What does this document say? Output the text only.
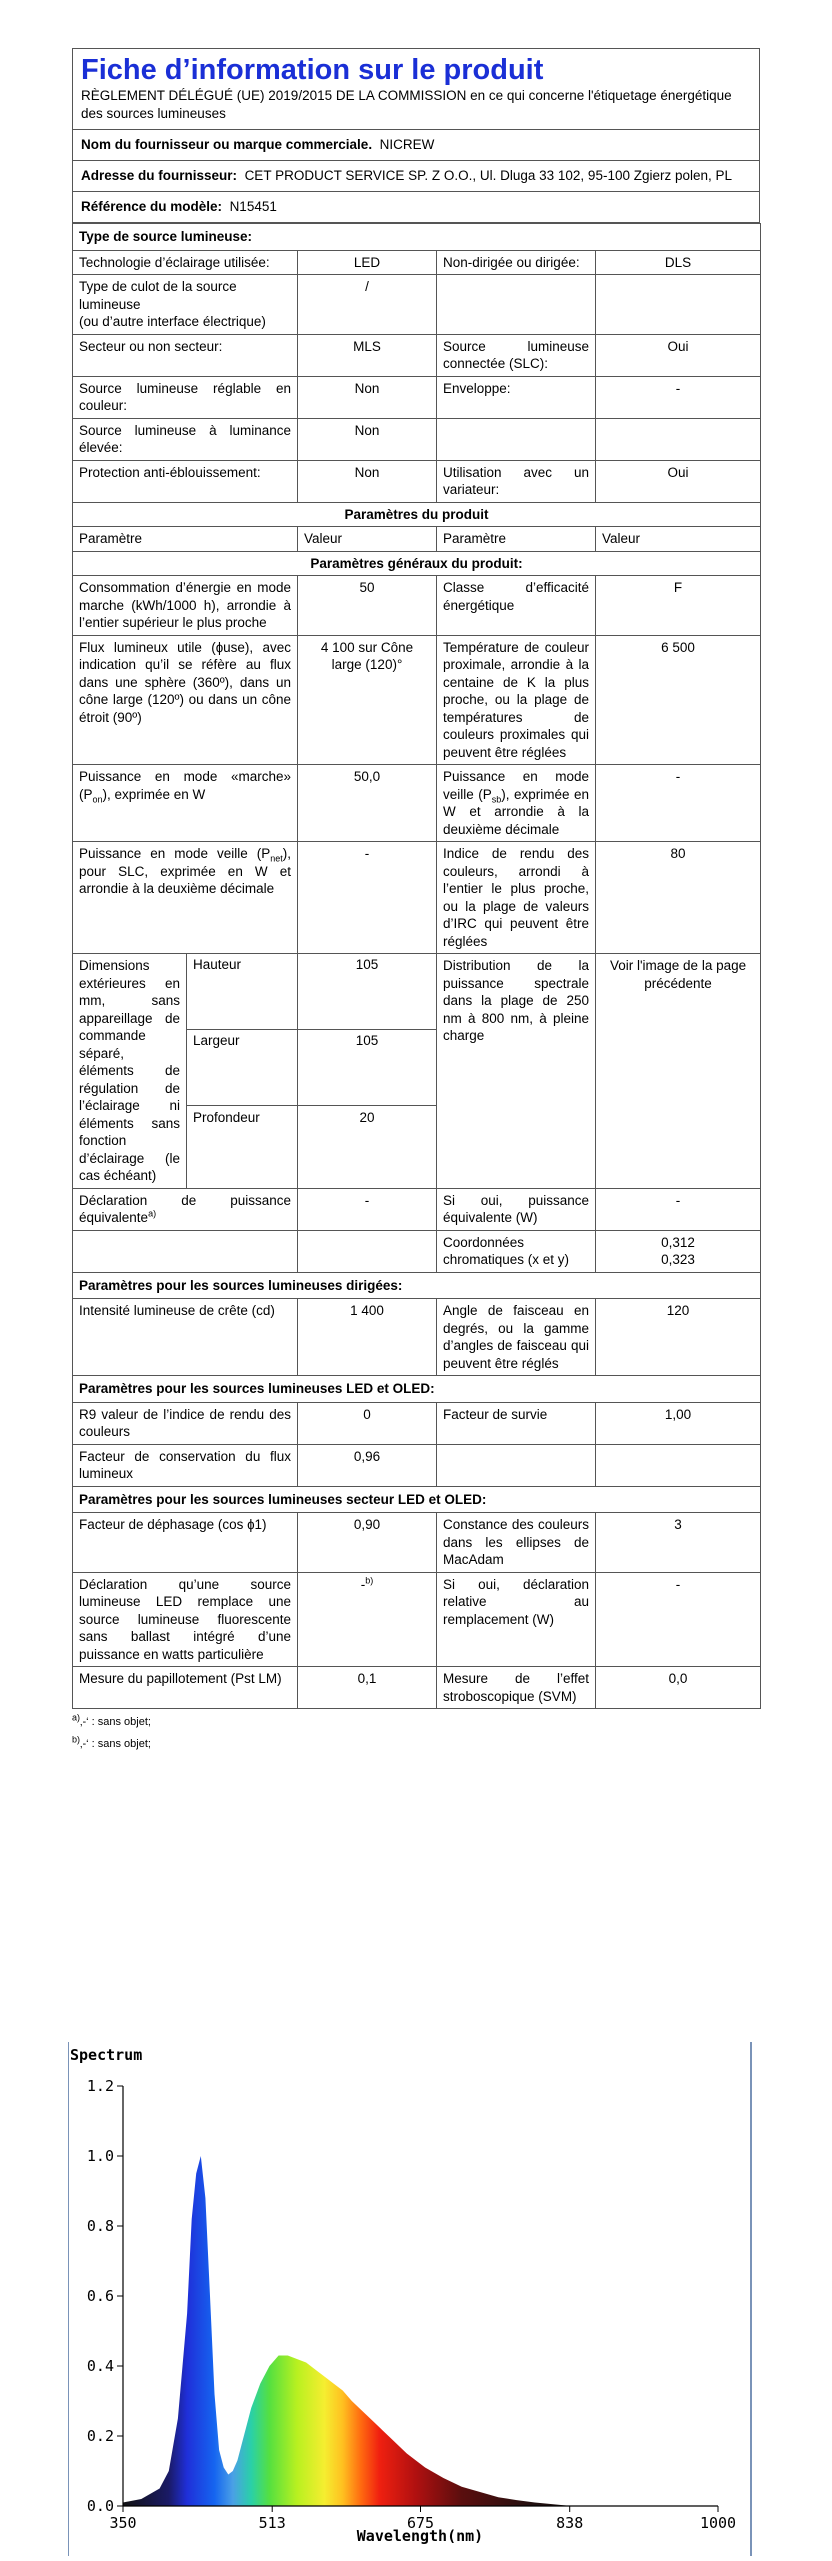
Fiche d’information sur le produit
RÈGLEMENT DÉLÉGUÉ (UE) 2019/2015 DE LA COMMISSION en ce qui concerne l'étiquetage énergétique des sources lumineuses
Nom du fournisseur ou marque commerciale. NICREW
Adresse du fournisseur: CET PRODUCT SERVICE SP. Z O.O., Ul. Dluga 33 102, 95-100 Zgierz polen, PL
Référence du modèle: N15451
Type de source lumineuse:				
Technologie d’éclairage utilisée:		LED	Non-dirigée ou dirigée:	DLS

Type de culot de la source lumineuse
(ou d’autre interface électrique)		/		
Secteur ou non secteur:		MLS	Source lumineuse connectée (SLC):	Oui
Source lumineuse réglable en couleur:		Non	Enveloppe:	-
Source lumineuse à luminance élevée:		Non		
Protection anti-éblouissement:		Non	Utilisation avec un variateur:	Oui
Paramètres du produit				
Paramètre		Valeur	Paramètre	Valeur
Paramètres généraux du produit:				
Consommation d’énergie en mode marche (kWh/1000 h), arrondie à l’entier supérieur le plus proche		50	Classe d’efficacité énergétique	F
Flux lumineux utile (ɸuse), avec indication qu’il se réfère au flux dans une sphère (360º), dans un cône large (120º) ou dans un cône étroit (90º)		4 100 sur Cône large (120)°	Température de couleur proximale, arrondie à la centaine de K la plus proche, ou la plage de températures de couleurs proximales qui peuvent être réglées	6 500
Puissance en mode «marche» $(P_{on})$, exprimée en W		50,0	Puissance en mode veille $(P_{sb})$, exprimée en W et arrondie à la deuxième décimale	-
Puissance en mode veille $(P_{net})$, pour SLC, exprimée en W et arrondie à la deuxième décimale		-	Indice de rendu des couleurs, arrondi à l’entier le plus proche, ou la plage de valeurs d’IRC qui peuvent être réglées	80
Dimensions extérieures en mm, sans appareillage de commande séparé, éléments de régulation de l’éclairage ni éléments sans fonction d’éclairage (le cas échéant)	Hauteur	105	Distribution de la puissance spectrale dans la plage de 250 nm à 800 nm, à pleine charge	Voir l'image de la page précédente
	Largeur	105		
	Profondeur	20		
Déclaration de puissance équivalente$^{a)}$		-	Si oui, puissance équivalente (W)	-
			Coordonnées chromatiques (x et y)	0,312
0,323

Paramètres pour les sources lumineuses dirigées:				
Intensité lumineuse de crête (cd)		1 400	Angle de faisceau en degrés, ou la gamme d’angles de faisceau qui peuvent être réglés	120
Paramètres pour les sources lumineuses LED et OLED:				
R9 valeur de l’indice de rendu des couleurs		0	Facteur de survie	1,00
Facteur de conservation du flux lumineux		0,96		
Paramètres pour les sources lumineuses secteur LED et OLED:				
Facteur de déphasage (cos ɸ1)		0,90	Constance des couleurs dans les ellipses de MacAdam	3
Déclaration qu’une source lumineuse LED remplace une source lumineuse fluorescente sans ballast intégré d’une puissance en watts particulière		-$^{b)}$	Si oui, déclaration relative au remplacement (W)	-
Mesure du papillotement (Pst LM)		0,1	Mesure de l’effet stroboscopique (SVM)	0,0
$^{a)}$‚-‘ : sans objet;
$^{b)}$‚-‘ : sans objet;
Spectrum
0.0
0.2
0.4
0.6
0.8
1.0
1.2
350	513	675	838	1000
Wavelength(nm)
